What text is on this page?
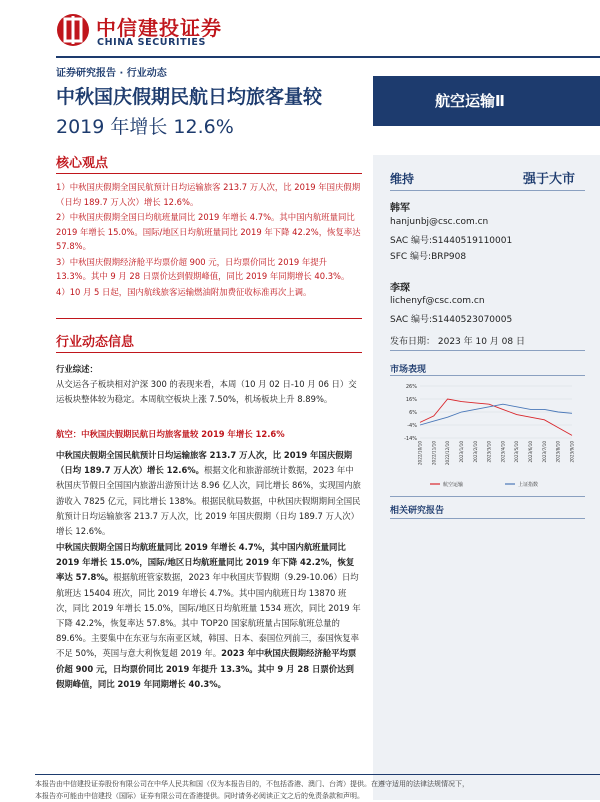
中信建投证券
CHINA SECURITIES
证券研究报告 · 行业动态
中秋国庆假期民航日均旅客量较
2019 年增长 12.6%
航空运输Ⅱ
维持	强于大市
韩军
hanjunbj@csc.com.cn
SAC 编号:S1440519110001
SFC 编号:BRP908
李琛
lichenyf@csc.com.cn
SAC 编号:S1440523070005
发布日期： 2023 年 10 月 08 日
市场表现
26%
16%
6%
-4%
-14%
2022/10/10 2022/11/10 2022/12/10 2023/1/10 2023/2/10 2023/3/10 2023/4/10 2023/5/10 2023/6/10 2023/7/10 2023/8/10 2023/9/10
航空运输	上证指数
相关研究报告
核心观点

1）中秋国庆假期全国民航预计日均运输旅客 213.7 万人次，比 2019 年国庆假期（日均 189.7 万人次）增长 12.6%。

2）中秋国庆假期全国日均航班量同比 2019 年增长 4.7%。其中国内航班量同比 2019 年增长 15.0%。国际/地区日均航班量同比 2019 年下降 42.2%，恢复率达 57.8%。

3）中秋国庆假期经济舱平均票价超 900 元，日均票价同比 2019 年提升 13.3%。其中 9 月 28 日票价达到假期峰值，同比 2019 年同期增长 40.3%。

4）10 月 5 日起，国内航线旅客运输燃油附加费征收标准再次上调。

行业动态信息
行业综述：
从交运各子板块相对沪深 300 的表现来看，本周（10 月 02 日-10 月 06 日）交运板块整体较为稳定。本周航空板块上涨 7.50%，机场板块上升 8.89%。
航空：中秋国庆假期民航日均旅客量较 2019 年增长 12.6%
中秋国庆假期全国民航预计日均运输旅客 213.7 万人次，比 2019 年国庆假期（日均 189.7 万人次）增长 12.6%。根据文化和旅游部统计数据，2023 年中秋国庆节假日全国国内旅游出游预计达 8.96 亿人次，同比增长 86%，实现国内旅游收入 7825 亿元，同比增长 138%。根据民航局数据，中秋国庆假期期间全国民航预计日均运输旅客 213.7 万人次，比 2019 年国庆假期（日均 189.7 万人次）增长 12.6%。
中秋国庆假期全国日均航班量同比 2019 年增长 4.7%，其中国内航班量同比 2019 年增长 15.0%，国际/地区日均航班量同比 2019 年下降 42.2%，恢复率达 57.8%。根据航班管家数据，2023 年中秋国庆节假期（9.29-10.06）日均航班达 15404 班次，同比 2019 年增长 4.7%。其中国内航班日均 13870 班次，同比 2019 年增长 15.0%，国际/地区日均航班量 1534 班次，同比 2019 年下降 42.2%，恢复率达 57.8%。其中 TOP20 国家航班量占国际航班总量的 89.6%。主要集中在东亚与东南亚区域，韩国、日本、泰国位列前三，泰国恢复率不足 50%，英国与意大利恢复超 2019 年。2023 年中秋国庆假期经济舱平均票价超 900 元，日均票价同比 2019 年提升 13.3%。其中 9 月 28 日票价达到假期峰值，同比 2019 年同期增长 40.3%。
本报告由中信建投证券股份有限公司在中华人民共和国（仅为本报告目的，不包括香港、澳门、台湾）提供。在遵守适用的法律法规情况下，
本报告亦可能由中信建投（国际）证券有限公司在香港提供。同时请务必阅读正文之后的免责条款和声明。
